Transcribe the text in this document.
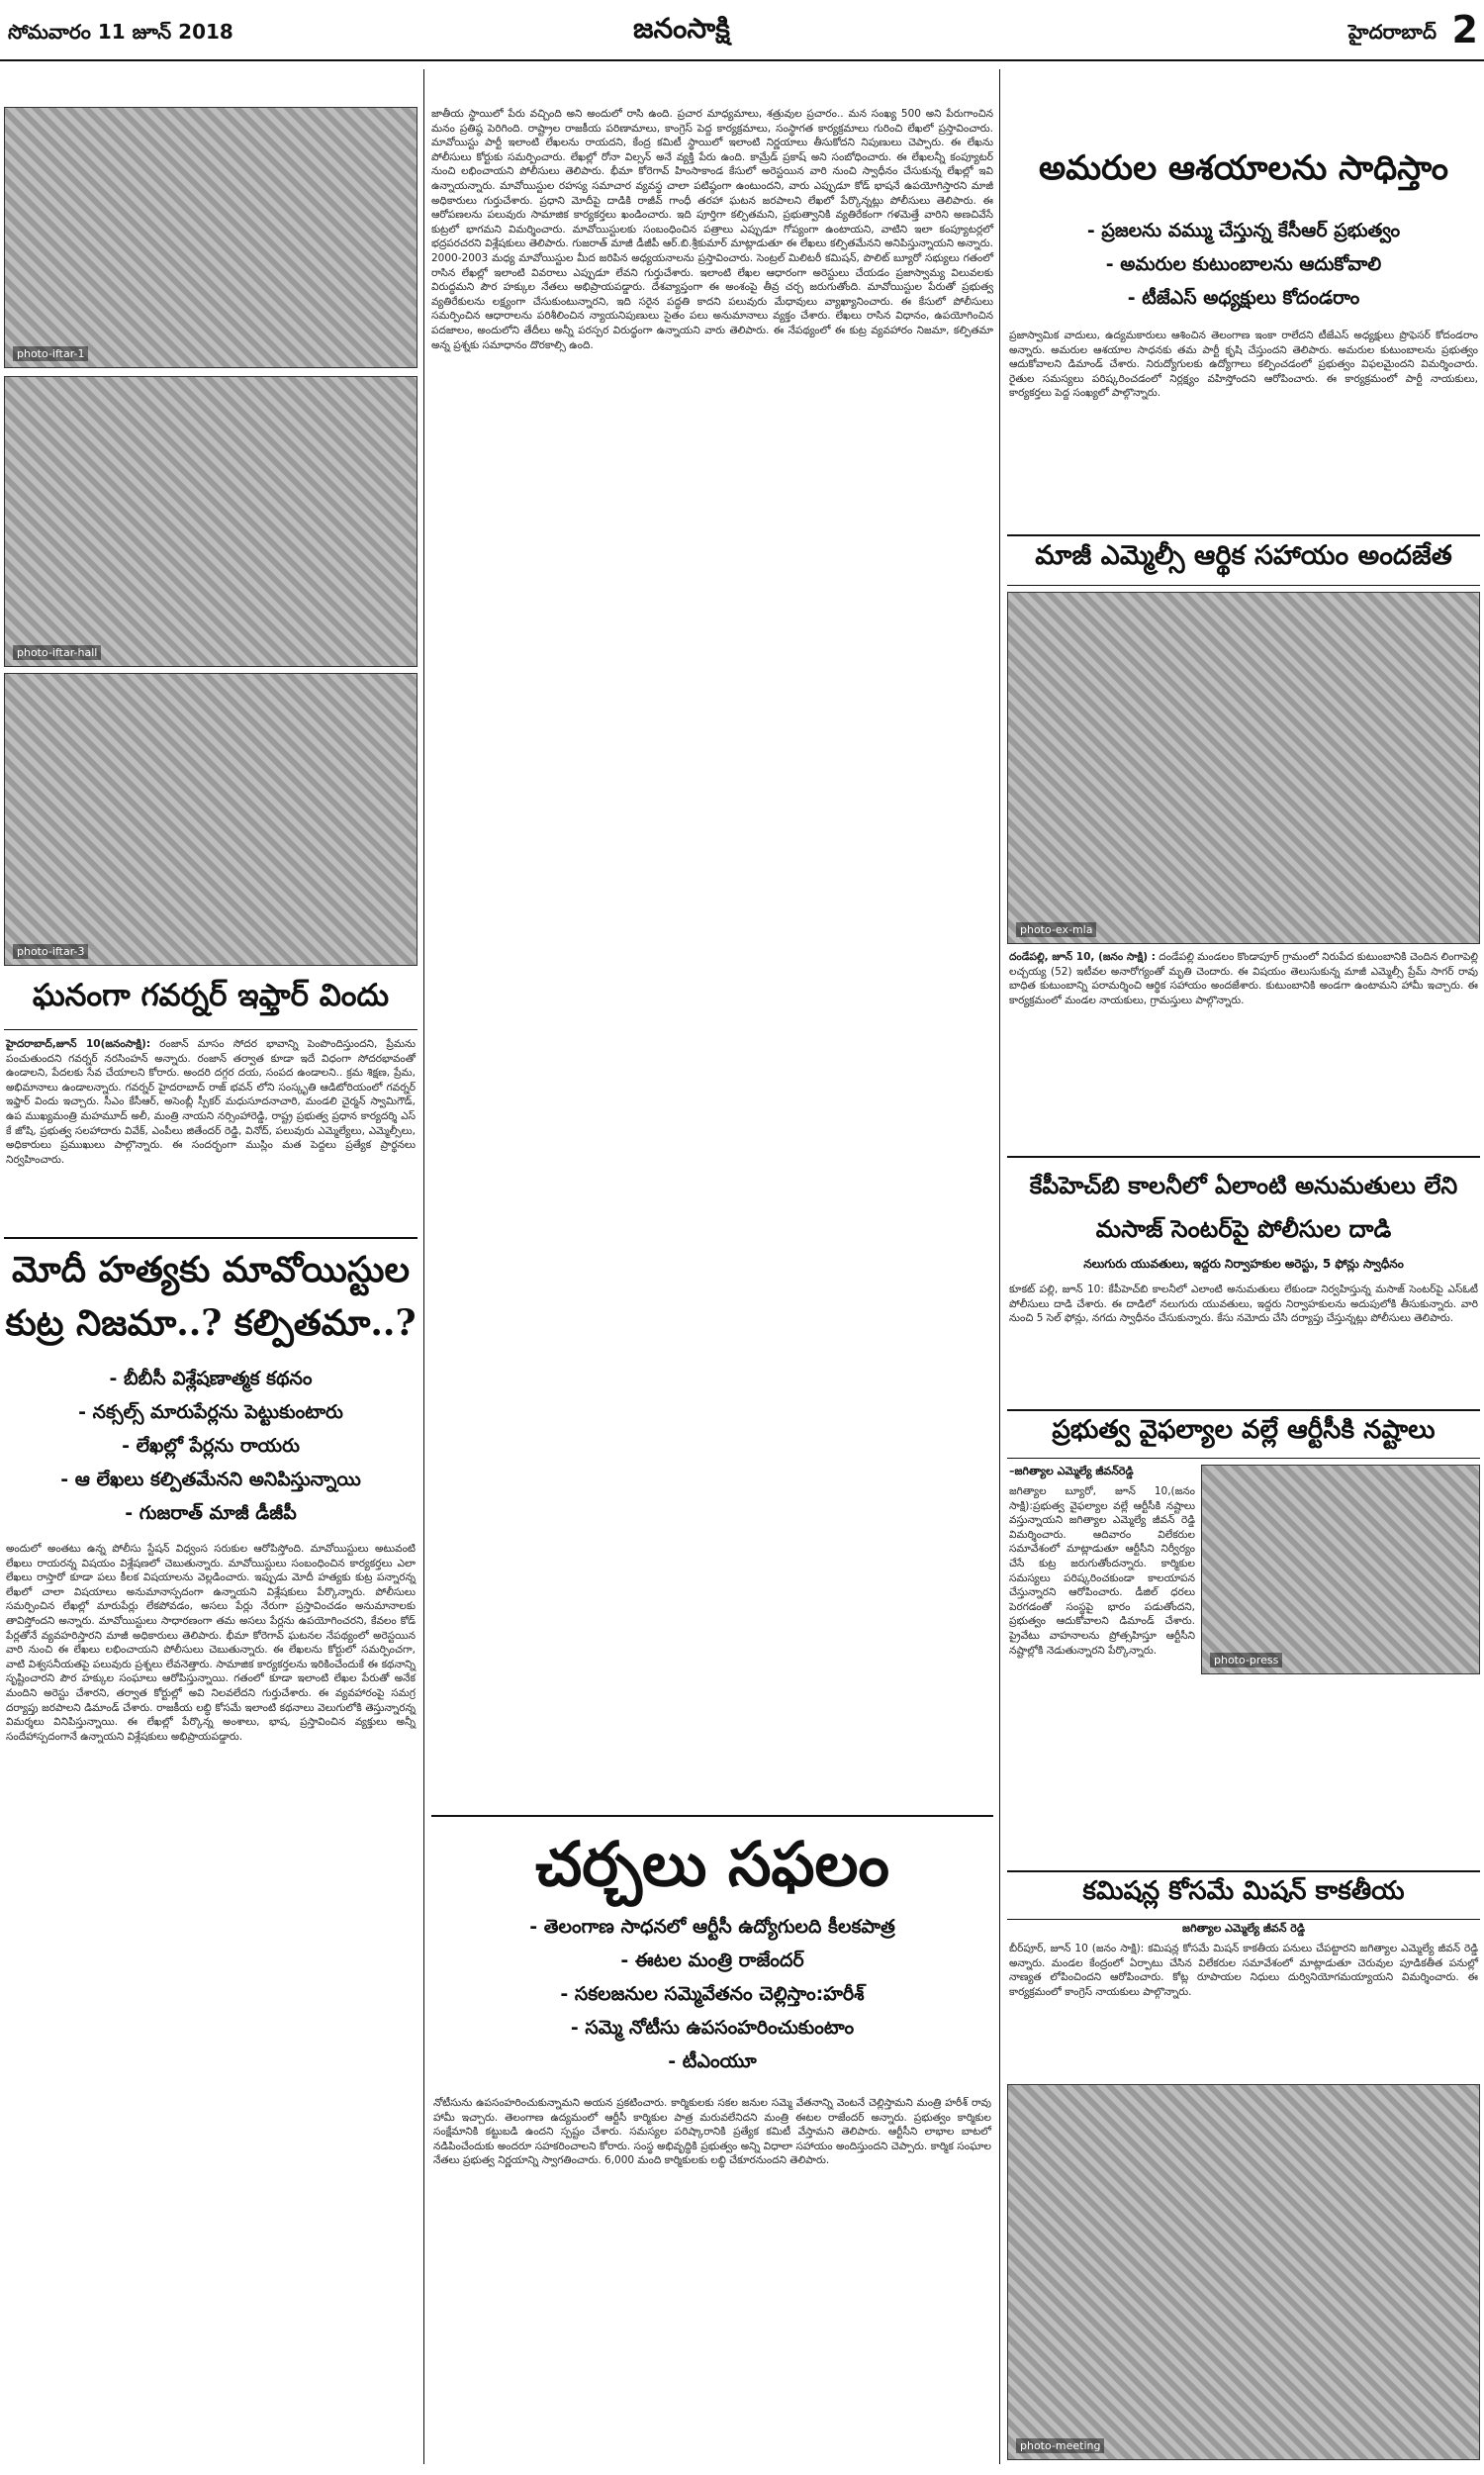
సోమవారం 11 జూన్ 2018	జనంసాక్షి	హైదరాబాద్ 2
photo-iftar-1
photo-iftar-hall
photo-iftar-3
ఘనంగా గవర్నర్ ఇఫ్తార్ విందు
హైదరాబాద్,జూన్ 10(జనంసాక్షి): రంజాన్ మాసం సోదర భావాన్ని పెంపొందిస్తుందని, ప్రేమను పంచుతుందని గవర్నర్ నరసింహన్ అన్నారు. రంజాన్ తర్వాత కూడా ఇదే విధంగా సోదరభావంతో ఉండాలని, పేదలకు సేవ చేయాలని కోరారు. అందరి దగ్గర దయ, సంపద ఉండాలని.. క్రమ శిక్షణ, ప్రేమ, అభిమానాలు ఉండాలన్నారు. గవర్నర్ హైదరాబాద్ రాజ్ భవన్ లోని సంస్కృతి ఆడిటోరియంలో గవర్నర్ ఇఫ్తార్ విందు ఇచ్చారు. సీఎం కేసీఆర్, అసెంబ్లీ స్పీకర్ మధుసూదనాచారి, మండలి చైర్మన్ స్వామిగౌడ్, ఉప ముఖ్యమంత్రి మహమూద్ అలీ, మంత్రి నాయని నర్సింహారెడ్డి, రాష్ట్ర ప్రభుత్వ ప్రధాన కార్యదర్శి ఎస్ కే జోషి, ప్రభుత్వ సలహాదారు వివేక్, ఎంపీలు జితేందర్ రెడ్డి, వినోద్, పలువురు ఎమ్మెల్యేలు, ఎమ్మెల్సీలు, అధికారులు ప్రముఖులు పాల్గొన్నారు. ఈ సందర్భంగా ముస్లిం మత పెద్దలు ప్రత్యేక ప్రార్థనలు నిర్వహించారు.
మోదీ హత్యకు మావోయిస్టుల కుట్ర నిజమా..? కల్పితమా..?
- బీబీసీ విశ్లేషణాత్మక కథనం
- నక్సల్స్ మారుపేర్లను పెట్టుకుంటారు
- లేఖల్లో పేర్లను రాయరు
- ఆ లేఖలు కల్పితమేనని అనిపిస్తున్నాయి
- గుజరాత్ మాజీ డీజీపీ
అందులో అంతటు ఉన్న పోలీసు స్టేషన్ విధ్వంస సరుకుల ఆరోపిస్తోంది. మావోయిస్టులు అటువంటి లేఖలు రాయరన్న విషయం విశ్లేషణలో చెబుతున్నారు. మావోయిస్టులు సంబంధించిన కార్యకర్తలు ఎలా లేఖలు రాస్తారో కూడా పలు కీలక విషయాలను వెల్లడించారు. ఇప్పుడు మోదీ హత్యకు కుట్ర పన్నారన్న లేఖలో చాలా విషయాలు అనుమానాస్పదంగా ఉన్నాయని విశ్లేషకులు పేర్కొన్నారు. పోలీసులు సమర్పించిన లేఖల్లో మారుపేర్లు లేకపోవడం, అసలు పేర్లు నేరుగా ప్రస్తావించడం అనుమానాలకు తావిస్తోందని అన్నారు. మావోయిస్టులు సాధారణంగా తమ అసలు పేర్లను ఉపయోగించరని, కేవలం కోడ్ పేర్లతోనే వ్యవహరిస్తారని మాజీ అధికారులు తెలిపారు. భీమా కోరెగావ్ ఘటనల నేపథ్యంలో అరెస్టయిన వారి నుంచి ఈ లేఖలు లభించాయని పోలీసులు చెబుతున్నారు. ఈ లేఖలను కోర్టులో సమర్పించగా, వాటి విశ్వసనీయతపై పలువురు ప్రశ్నలు లేవనెత్తారు. సామాజిక కార్యకర్తలను ఇరికించేందుకే ఈ కథనాన్ని సృష్టించారని పౌర హక్కుల సంఘాలు ఆరోపిస్తున్నాయి. గతంలో కూడా ఇలాంటి లేఖల పేరుతో అనేక మందిని అరెస్టు చేశారని, తర్వాత కోర్టుల్లో అవి నిలవలేదని గుర్తుచేశారు. ఈ వ్యవహారంపై సమగ్ర దర్యాప్తు జరపాలని డిమాండ్ చేశారు. రాజకీయ లబ్ధి కోసమే ఇలాంటి కథనాలు వెలుగులోకి తెస్తున్నారన్న విమర్శలు వినిపిస్తున్నాయి. ఈ లేఖల్లో పేర్కొన్న అంశాలు, భాష, ప్రస్తావించిన వ్యక్తులు అన్నీ సందేహాస్పదంగానే ఉన్నాయని విశ్లేషకులు అభిప్రాయపడ్డారు.
జాతీయ స్థాయిలో పేరు వచ్చింది అని అందులో రాసి ఉంది. ప్రచార మాధ్యమాలు, శత్రువుల ప్రచారం.. మన సంఖ్య 500 అని పేరుగాంచిన మనం ప్రతిష్ఠ పెరిగింది. రాష్ట్రాల రాజకీయ పరిణామాలు, కాంగ్రెస్ పెద్ద కార్యక్రమాలు, సంస్థాగత కార్యక్రమాలు గురించి లేఖలో ప్రస్తావించారు. మావోయిస్టు పార్టీ ఇలాంటి లేఖలను రాయదని, కేంద్ర కమిటీ స్థాయిలో ఇలాంటి నిర్ణయాలు తీసుకోదని నిపుణులు చెప్పారు. ఈ లేఖను పోలీసులు కోర్టుకు సమర్పించారు. లేఖల్లో రోనా విల్సన్ అనే వ్యక్తి పేరు ఉంది. కామ్రేడ్ ప్రకాష్ అని సంబోధించారు. ఈ లేఖలన్నీ కంప్యూటర్ నుంచి లభించాయని పోలీసులు తెలిపారు. భీమా కోరెగావ్ హింసాకాండ కేసులో అరెస్టయిన వారి నుంచి స్వాధీనం చేసుకున్న లేఖల్లో ఇవి ఉన్నాయన్నారు. మావోయిస్టుల రహస్య సమాచార వ్యవస్థ చాలా పటిష్ఠంగా ఉంటుందని, వారు ఎప్పుడూ కోడ్ భాషనే ఉపయోగిస్తారని మాజీ అధికారులు గుర్తుచేశారు. ప్రధాని మోదీపై దాడికి రాజీవ్ గాంధీ తరహా ఘటన జరపాలని లేఖలో పేర్కొన్నట్లు పోలీసులు తెలిపారు. ఈ ఆరోపణలను పలువురు సామాజిక కార్యకర్తలు ఖండించారు. ఇది పూర్తిగా కల్పితమని, ప్రభుత్వానికి వ్యతిరేకంగా గళమెత్తే వారిని అణచివేసే కుట్రలో భాగమని విమర్శించారు. మావోయిస్టులకు సంబంధించిన పత్రాలు ఎప్పుడూ గోప్యంగా ఉంటాయని, వాటిని ఇలా కంప్యూటర్లలో భద్రపరచరని విశ్లేషకులు తెలిపారు. గుజరాత్ మాజీ డీజీపీ ఆర్.బి.శ్రీకుమార్ మాట్లాడుతూ ఈ లేఖలు కల్పితమేనని అనిపిస్తున్నాయని అన్నారు. 2000-2003 మధ్య మావోయిస్టుల మీద జరిపిన అధ్యయనాలను ప్రస్తావించారు. సెంట్రల్ మిలిటరీ కమిషన్, పొలిట్ బ్యూరో సభ్యులు గతంలో రాసిన లేఖల్లో ఇలాంటి వివరాలు ఎప్పుడూ లేవని గుర్తుచేశారు. ఇలాంటి లేఖల ఆధారంగా అరెస్టులు చేయడం ప్రజాస్వామ్య విలువలకు విరుద్ధమని పౌర హక్కుల నేతలు అభిప్రాయపడ్డారు. దేశవ్యాప్తంగా ఈ అంశంపై తీవ్ర చర్చ జరుగుతోంది. మావోయిస్టుల పేరుతో ప్రభుత్వ వ్యతిరేకులను లక్ష్యంగా చేసుకుంటున్నారని, ఇది సరైన పద్ధతి కాదని పలువురు మేధావులు వ్యాఖ్యానించారు. ఈ కేసులో పోలీసులు సమర్పించిన ఆధారాలను పరిశీలించిన న్యాయనిపుణులు సైతం పలు అనుమానాలు వ్యక్తం చేశారు. లేఖలు రాసిన విధానం, ఉపయోగించిన పదజాలం, అందులోని తేదీలు అన్నీ పరస్పర విరుద్ధంగా ఉన్నాయని వారు తెలిపారు. ఈ నేపథ్యంలో ఈ కుట్ర వ్యవహారం నిజమా, కల్పితమా అన్న ప్రశ్నకు సమాధానం దొరకాల్సి ఉంది.
చర్చలు సఫలం
- తెలంగాణ సాధనలో ఆర్టీసీ ఉద్యోగులది కీలకపాత్ర
- ఈటల మంత్రి రాజేందర్
- సకలజనుల సమ్మెవేతనం చెల్లిస్తాం:హరీశ్
- సమ్మె నోటీసు ఉపసంహరించుకుంటాం
- టీఎంయూ
నోటీసును ఉపసంహరించుకున్నామని అయన ప్రకటించారు. కార్మికులకు సకల జనుల సమ్మె వేతనాన్ని వెంటనే చెల్లిస్తామని మంత్రి హరీశ్ రావు హామీ ఇచ్చారు. తెలంగాణ ఉద్యమంలో ఆర్టీసీ కార్మికుల పాత్ర మరువలేనిదని మంత్రి ఈటల రాజేందర్ అన్నారు. ప్రభుత్వం కార్మికుల సంక్షేమానికి కట్టుబడి ఉందని స్పష్టం చేశారు. సమస్యల పరిష్కారానికి ప్రత్యేక కమిటీ వేస్తామని తెలిపారు. ఆర్టీసీని లాభాల బాటలో నడిపించేందుకు అందరూ సహకరించాలని కోరారు. సంస్థ అభివృద్ధికి ప్రభుత్వం అన్ని విధాలా సహాయం అందిస్తుందని చెప్పారు. కార్మిక సంఘాల నేతలు ప్రభుత్వ నిర్ణయాన్ని స్వాగతించారు. 6,000 మంది కార్మికులకు లబ్ధి చేకూరనుందని తెలిపారు.
అమరుల ఆశయాలను సాధిస్తాం
- ప్రజలను వమ్ము చేస్తున్న కేసీఆర్ ప్రభుత్వం
- అమరుల కుటుంబాలను ఆదుకోవాలి
- టీజేఎస్ అధ్యక్షులు కోదండరాం
ప్రజాస్వామిక వాదులు, ఉద్యమకారులు ఆశించిన తెలంగాణ ఇంకా రాలేదని టీజేఎస్ అధ్యక్షులు ప్రొఫెసర్ కోదండరాం అన్నారు. అమరుల ఆశయాల సాధనకు తమ పార్టీ కృషి చేస్తుందని తెలిపారు. అమరుల కుటుంబాలను ప్రభుత్వం ఆదుకోవాలని డిమాండ్ చేశారు. నిరుద్యోగులకు ఉద్యోగాలు కల్పించడంలో ప్రభుత్వం విఫలమైందని విమర్శించారు. రైతుల సమస్యలు పరిష్కరించడంలో నిర్లక్ష్యం వహిస్తోందని ఆరోపించారు. ఈ కార్యక్రమంలో పార్టీ నాయకులు, కార్యకర్తలు పెద్ద సంఖ్యలో పాల్గొన్నారు.
మాజీ ఎమ్మెల్సీ ఆర్థిక సహాయం అందజేత
photo-ex-mla
దండేపల్లి, జూన్ 10, (జనం సాక్షి) : దండేపల్లి మండలం కొండాపూర్ గ్రామంలో నిరుపేద కుటుంబానికి చెందిన లింగాపెల్లి లచ్చయ్య (52) ఇటీవల అనారోగ్యంతో మృతి చెందారు. ఈ విషయం తెలుసుకున్న మాజీ ఎమ్మెల్సీ ప్రేమ్ సాగర్ రావు బాధిత కుటుంబాన్ని పరామర్శించి ఆర్థిక సహాయం అందజేశారు. కుటుంబానికి అండగా ఉంటామని హామీ ఇచ్చారు. ఈ కార్యక్రమంలో మండల నాయకులు, గ్రామస్తులు పాల్గొన్నారు.
కేపీహెచ్‌బి కాలనీలో ఏలాంటి అనుమతులు లేని మసాజ్ సెంటర్‌పై పోలీసుల దాడి
నలుగురు యువతులు, ఇద్దరు నిర్వాహకుల అరెస్టు, 5 ఫోన్లు స్వాధీనం
కూకట్ పల్లి, జూన్ 10: కేపీహెచ్‌బి కాలనీలో ఎలాంటి అనుమతులు లేకుండా నిర్వహిస్తున్న మసాజ్ సెంటర్‌పై ఎస్ఓటీ పోలీసులు దాడి చేశారు. ఈ దాడిలో నలుగురు యువతులు, ఇద్దరు నిర్వాహకులను అదుపులోకి తీసుకున్నారు. వారి నుంచి 5 సెల్ ఫోన్లు, నగదు స్వాధీనం చేసుకున్నారు. కేసు నమోదు చేసి దర్యాప్తు చేస్తున్నట్లు పోలీసులు తెలిపారు.
ప్రభుత్వ వైఫల్యాల వల్లే ఆర్టీసీకి నష్టాలు
–జగిత్యాల ఎమ్మెల్యే జీవన్‌రెడ్డి
జగిత్యాల బ్యూరో, జూన్ 10,(జనం సాక్షి):ప్రభుత్వ వైఫల్యాల వల్లే ఆర్టీసీకి నష్టాలు వస్తున్నాయని జగిత్యాల ఎమ్మెల్యే జీవన్ రెడ్డి విమర్శించారు. ఆదివారం విలేకరుల సమావేశంలో మాట్లాడుతూ ఆర్టీసీని నిర్వీర్యం చేసే కుట్ర జరుగుతోందన్నారు. కార్మికుల సమస్యలు పరిష్కరించకుండా కాలయాపన చేస్తున్నారని ఆరోపించారు. డీజిల్ ధరలు పెరగడంతో సంస్థపై భారం పడుతోందని, ప్రభుత్వం ఆదుకోవాలని డిమాండ్ చేశారు. ప్రైవేటు వాహనాలను ప్రోత్సహిస్తూ ఆర్టీసీని నష్టాల్లోకి నెడుతున్నారని పేర్కొన్నారు.
photo-press
కమిషన్ల కోసమే మిషన్ కాకతీయ
జగిత్యాల ఎమ్మెల్యే జీవన్ రెడ్డి
బీర్‌పూర్, జూన్ 10 (జనం సాక్షి): కమిషన్ల కోసమే మిషన్ కాకతీయ పనులు చేపట్టారని జగిత్యాల ఎమ్మెల్యే జీవన్ రెడ్డి అన్నారు. మండల కేంద్రంలో ఏర్పాటు చేసిన విలేకరుల సమావేశంలో మాట్లాడుతూ చెరువుల పూడికతీత పనుల్లో నాణ్యత లోపించిందని ఆరోపించారు. కోట్ల రూపాయల నిధులు దుర్వినియోగమయ్యాయని విమర్శించారు. ఈ కార్యక్రమంలో కాంగ్రెస్ నాయకులు పాల్గొన్నారు.
photo-meeting
